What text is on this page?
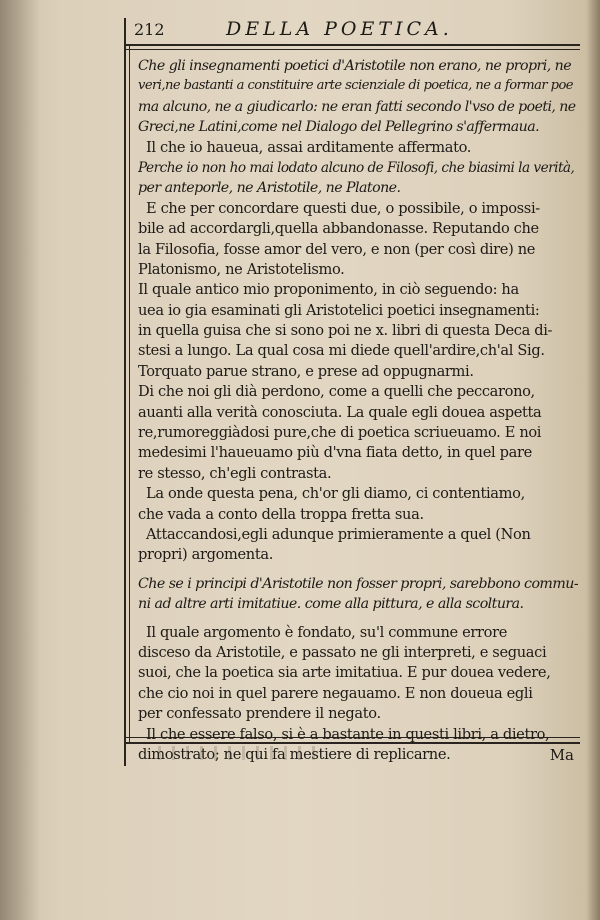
212	DELLA POETICA.
Che gli insegnamenti poetici d'Aristotile non erano, ne propri, ne
veri,ne bastanti a constituire arte scienziale di poetica, ne a formar poe
ma alcuno, ne a giudicarlo: ne eran fatti secondo l'vso de poeti, ne
Greci,ne Latini,come nel Dialogo del Pellegrino s'affermaua.
Il che io haueua, assai arditamente affermato.
Perche io non ho mai lodato alcuno de Filosofi, che biasimi la verità,
per anteporle, ne Aristotile, ne Platone.
E che per concordare questi due, o possibile, o impossi-
bile ad accordargli,quella abbandonasse. Reputando che
la Filosofia, fosse amor del vero, e non (per così dire) ne
Platonismo, ne Aristotelismo.
Il quale antico mio proponimento, in ciò seguendo: ha
uea io gia esaminati gli Aristotelici poetici insegnamenti:
in quella guisa che si sono poi ne x. libri di questa Deca di-
stesi a lungo. La qual cosa mi diede quell'ardire,ch'al Sig.
Torquato parue strano, e prese ad oppugnarmi.
Di che noi gli dià perdono, come a quelli che peccarono,
auanti alla verità conosciuta. La quale egli douea aspetta
re,rumoreggiàdosi pure,che di poetica scriueuamo. E noi
medesimi l'haueuamo più d'vna fiata detto, in quel pare
re stesso, ch'egli contrasta.
La onde questa pena, ch'or gli diamo, ci contentiamo,
che vada a conto della troppa fretta sua.
Attaccandosi,egli adunque primieramente a quel (Non
propri) argomenta.
Che se i principi d'Aristotile non fosser propri, sarebbono commu-
ni ad altre arti imitatiue. come alla pittura, e alla scoltura.
Il quale argomento è fondato, su'l commune errore
disceso da Aristotile, e passato ne gli interpreti, e seguaci
suoi, che la poetica sia arte imitatiua. E pur douea vedere,
che cio noi in quel parere negauamo. E non doueua egli
per confessato prendere il negato.
Il che essere falso, si è a bastante in questi libri, a dietro,
dimostrato; ne qui fa mestiere di replicarne.	Ma
